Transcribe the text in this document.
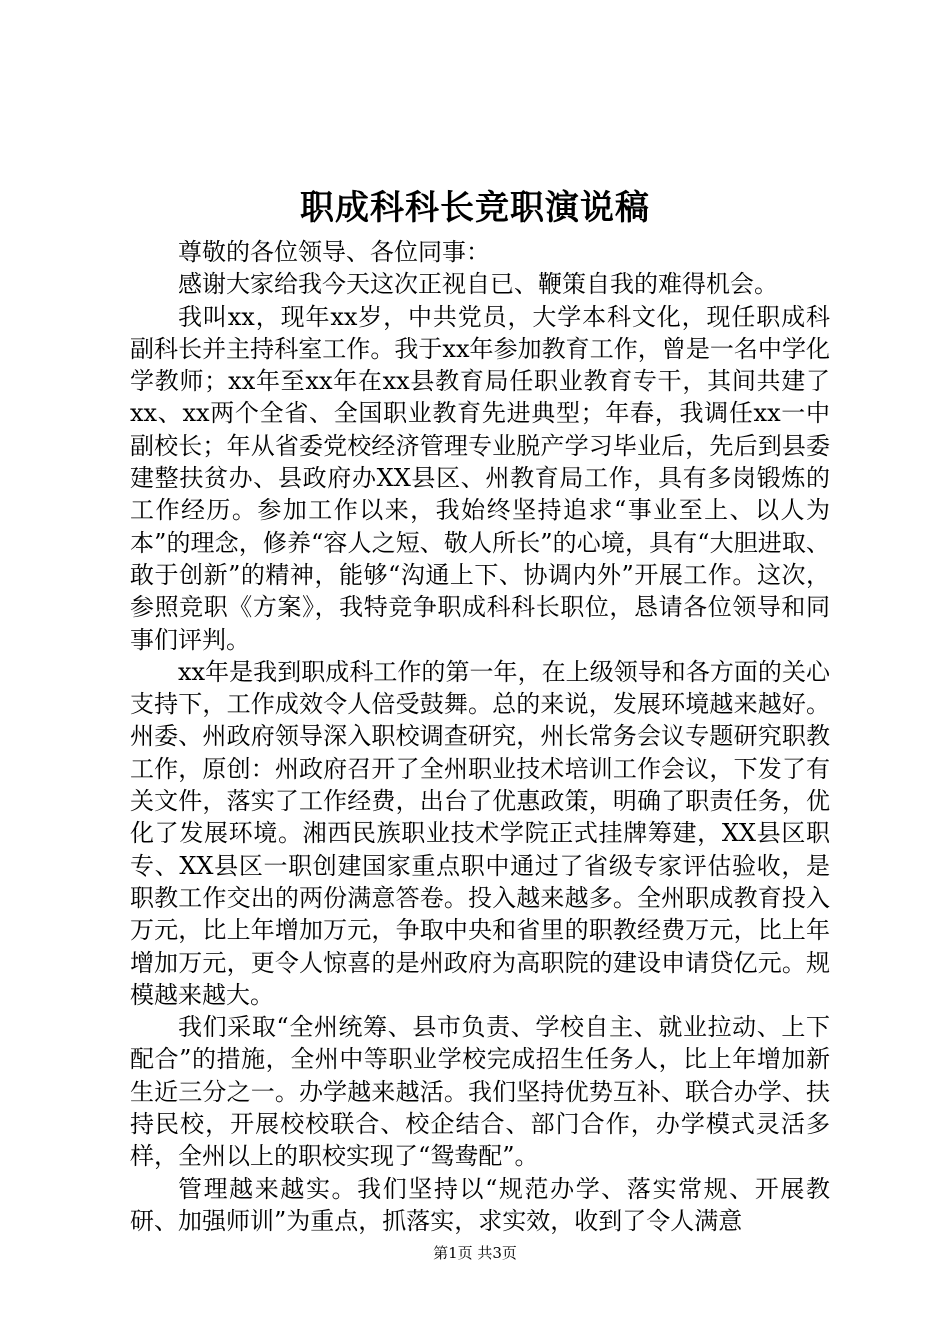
职成科科长竞职演说稿

尊敬的各位领导、各位同事：

感谢大家给我今天这次正视自已、鞭策自我的难得机会。

我叫xx，现年xx岁，中共党员，大学本科文化，现任职成科副科长并主持科室工作。我于xx年参加教育工作，曾是一名中学化学教师；xx年至xx年在xx县教育局任职业教育专干，其间共建了xx、xx两个全省、全国职业教育先进典型；年春，我调任xx一中副校长；年从省委党校经济管理专业脱产学习毕业后，先后到县委建整扶贫办、县政府办XX县区、州教育局工作，具有多岗锻炼的工作经历。参加工作以来，我始终坚持追求“事业至上、以人为本”的理念，修养“容人之短、敬人所长”的心境，具有“大胆进取、敢于创新”的精神，能够“沟通上下、协调内外”开展工作。这次，参照竞职《方案》，我特竞争职成科科长职位，恳请各位领导和同事们评判。

xx年是我到职成科工作的第一年，在上级领导和各方面的关心支持下，工作成效令人倍受鼓舞。总的来说，发展环境越来越好。州委、州政府领导深入职校调查研究，州长常务会议专题研究职教工作，原创：州政府召开了全州职业技术培训工作会议，下发了有关文件，落实了工作经费，出台了优惠政策，明确了职责任务，优化了发展环境。湘西民族职业技术学院正式挂牌筹建，XX县区职专、XX县区一职创建国家重点职中通过了省级专家评估验收，是职教工作交出的两份满意答卷。投入越来越多。全州职成教育投入万元，比上年增加万元，争取中央和省里的职教经费万元，比上年增加万元，更令人惊喜的是州政府为高职院的建设申请贷亿元。规模越来越大。

我们采取“全州统筹、县市负责、学校自主、就业拉动、上下配合”的措施，全州中等职业学校完成招生任务人，比上年增加新生近三分之一。办学越来越活。我们坚持优势互补、联合办学、扶持民校，开展校校联合、校企结合、部门合作，办学模式灵活多样，全州以上的职校实现了“鸳鸯配”。

管理越来越实。我们坚持以“规范办学、落实常规、开展教研、加强师训”为重点，抓落实，求实效，收到了令人满意

第1页 共3页
